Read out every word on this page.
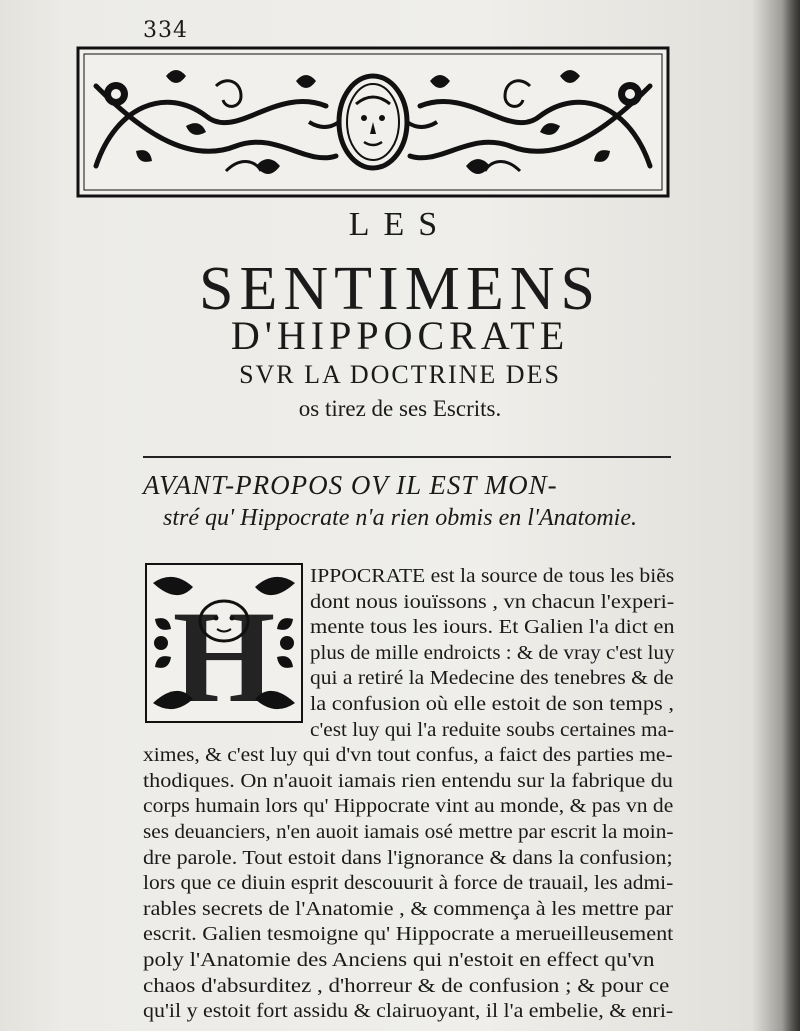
334
LES
SENTIMENS
D'HIPPOCRATE
SVR LA DOCTRINE DES
os tirez de ses Escrits.
AVANT-PROPOS OV IL EST MON-
stré qu' Hippocrate n'a rien obmis en l'Anatomie.
H
IPPOCRATE est la source de tous les biẽs
dont nous iouïssons , vn chacun l'experi-
mente tous les iours. Et Galien l'a dict en
plus de mille endroicts : & de vray c'est luy
qui a retiré la Medecine des tenebres & de
la confusion où elle estoit de son temps ,
c'est luy qui l'a reduite soubs certaines ma-
ximes, & c'est luy qui d'vn tout confus, a faict des parties me-
thodiques. On n'auoit iamais rien entendu sur la fabrique du
corps humain lors qu' Hippocrate vint au monde, & pas vn de
ses deuanciers, n'en auoit iamais osé mettre par escrit la moin-
dre parole. Tout estoit dans l'ignorance & dans la confusion;
lors que ce diuin esprit descouurit à force de trauail, les admi-
rables secrets de l'Anatomie , & commença à les mettre par
escrit. Galien tesmoigne qu' Hippocrate a merueilleusement
poly l'Anatomie des Anciens qui n'estoit en effect qu'vn
chaos d'absurditez , d'horreur & de confusion ; & pour ce
qu'il y estoit fort assidu & clairuoyant, il l'a embelie, & enri-
